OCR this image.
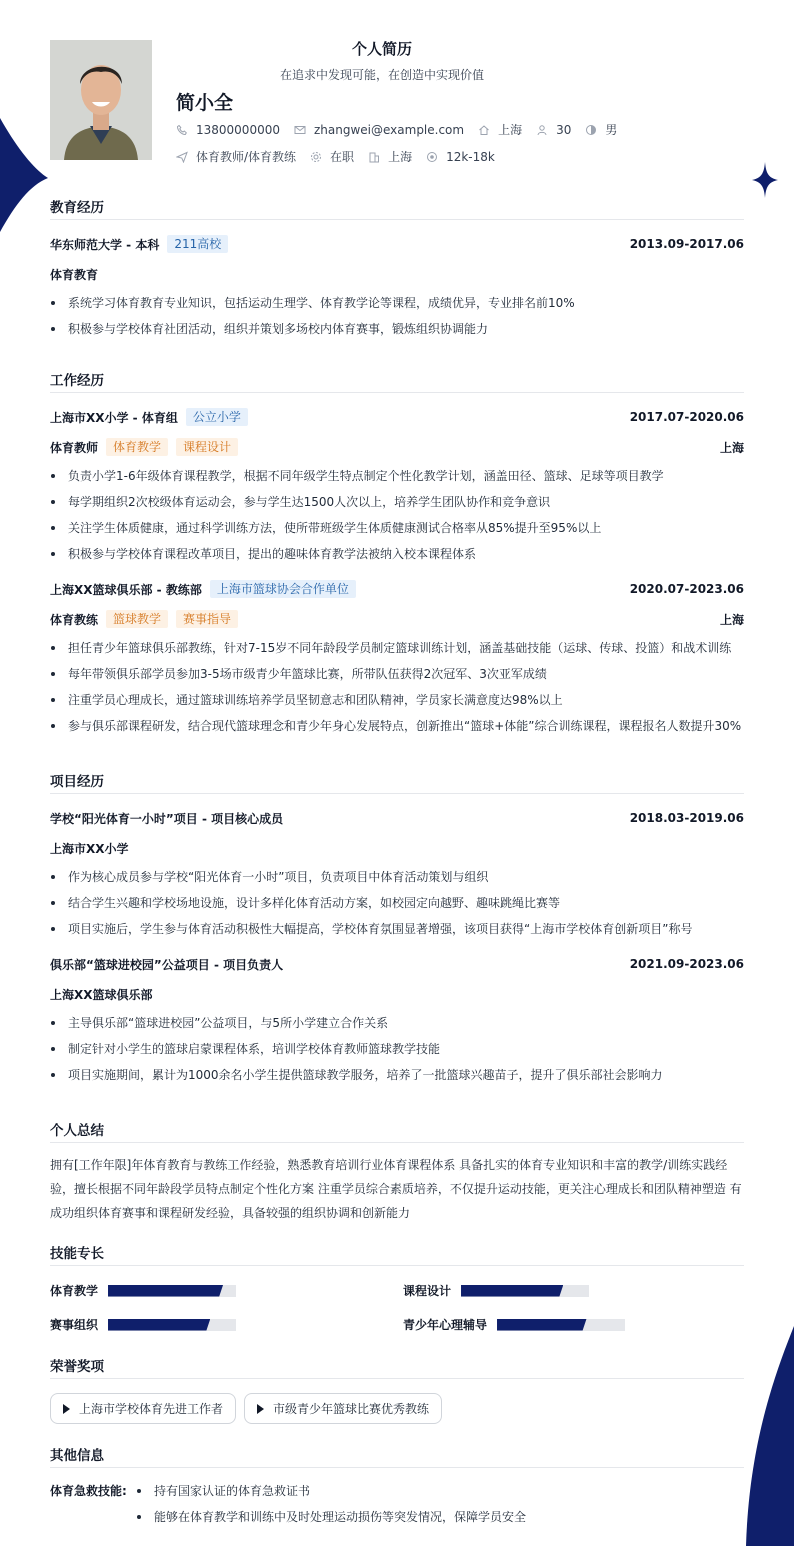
个人简历
在追求中发现可能，在创造中实现价值
简小全
13800000000	zhangwei@example.com	上海	30	男
体育教师/体育教练	在职	上海	12k-18k
教育经历
华东师范大学 - 本科	211高校	2013.09-2017.06
体育教育
系统学习体育教育专业知识，包括运动生理学、体育教学论等课程，成绩优异，专业排名前10%
积极参与学校体育社团活动，组织并策划多场校内体育赛事，锻炼组织协调能力
工作经历
上海市XX小学 - 体育组	公立小学	2017.07-2020.06
体育教师	体育教学	课程设计	上海
负责小学1-6年级体育课程教学，根据不同年级学生特点制定个性化教学计划，涵盖田径、篮球、足球等项目教学
每学期组织2次校级体育运动会，参与学生达1500人次以上，培养学生团队协作和竞争意识
关注学生体质健康，通过科学训练方法，使所带班级学生体质健康测试合格率从85%提升至95%以上
积极参与学校体育课程改革项目，提出的趣味体育教学法被纳入校本课程体系
上海XX篮球俱乐部 - 教练部	上海市篮球协会合作单位	2020.07-2023.06
体育教练	篮球教学	赛事指导	上海
担任青少年篮球俱乐部教练，针对7-15岁不同年龄段学员制定篮球训练计划，涵盖基础技能（运球、传球、投篮）和战术训练
每年带领俱乐部学员参加3-5场市级青少年篮球比赛，所带队伍获得2次冠军、3次亚军成绩
注重学员心理成长，通过篮球训练培养学员坚韧意志和团队精神，学员家长满意度达98%以上
参与俱乐部课程研发，结合现代篮球理念和青少年身心发展特点，创新推出“篮球+体能”综合训练课程，课程报名人数提升30%
项目经历
学校“阳光体育一小时”项目 - 项目核心成员	2018.03-2019.06
上海市XX小学
作为核心成员参与学校“阳光体育一小时”项目，负责项目中体育活动策划与组织
结合学生兴趣和学校场地设施，设计多样化体育活动方案，如校园定向越野、趣味跳绳比赛等
项目实施后，学生参与体育活动积极性大幅提高，学校体育氛围显著增强，该项目获得“上海市学校体育创新项目”称号
俱乐部“篮球进校园”公益项目 - 项目负责人	2021.09-2023.06
上海XX篮球俱乐部
主导俱乐部“篮球进校园”公益项目，与5所小学建立合作关系
制定针对小学生的篮球启蒙课程体系，培训学校体育教师篮球教学技能
项目实施期间，累计为1000余名小学生提供篮球教学服务，培养了一批篮球兴趣苗子，提升了俱乐部社会影响力
个人总结
拥有[工作年限]年体育教育与教练工作经验，熟悉教育培训行业体育课程体系 具备扎实的体育专业知识和丰富的教学/训练实践经
验，擅长根据不同年龄段学员特点制定个性化方案 注重学员综合素质培养，不仅提升运动技能，更关注心理成长和团队精神塑造 有
成功组织体育赛事和课程研发经验，具备较强的组织协调和创新能力
技能专长
体育教学	课程设计
赛事组织	青少年心理辅导
荣誉奖项
上海市学校体育先进工作者	市级青少年篮球比赛优秀教练
其他信息
体育急救技能:	持有国家认证的体育急救证书
能够在体育教学和训练中及时处理运动损伤等突发情况，保障学员安全
